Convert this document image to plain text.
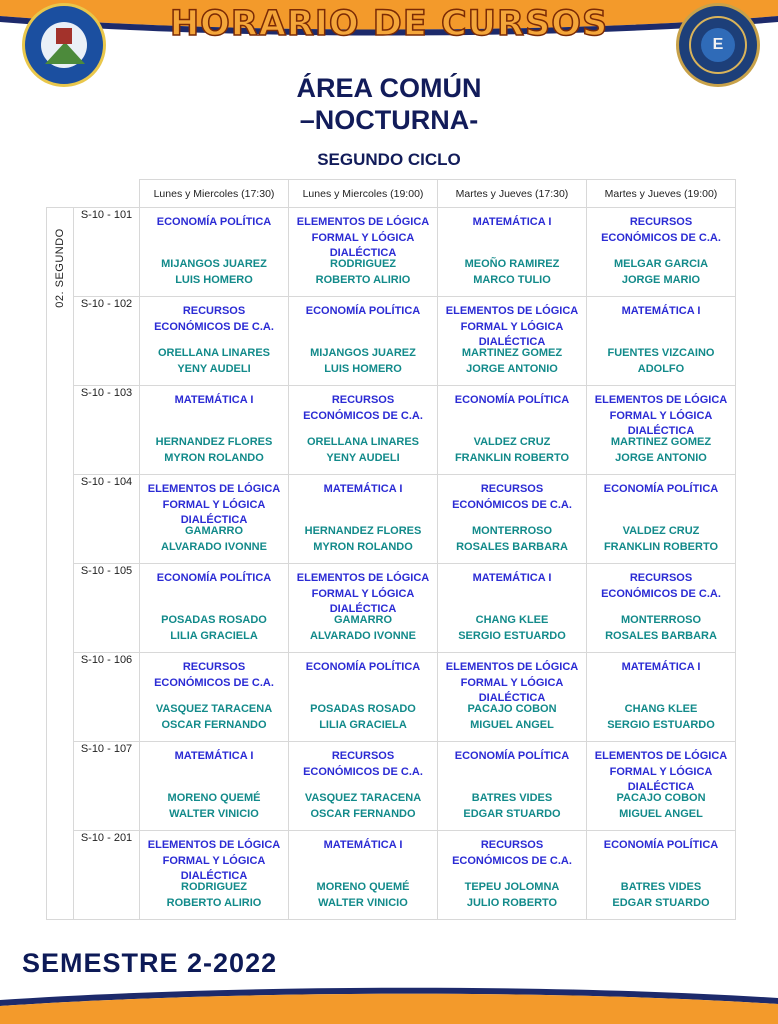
E
HORARIO DE CURSOS
ÁREA COMÚN
–NOCTURNA-
SEGUNDO CICLO
		Lunes y Miercoles (17:30)	Lunes y Miercoles (19:00)	Martes y Jueves (17:30)	Martes y Jueves (19:00)

02. SEGUNDO	S-10 - 101	ECONOMÍA POLÍTICA
MIJANGOS JUAREZ
LUIS HOMERO	ELEMENTOS DE LÓGICA FORMAL Y LÓGICA DIALÉCTICA
RODRIGUEZ
ROBERTO ALIRIO	MATEMÁTICA I
MEOÑO RAMIREZ
MARCO TULIO	RECURSOS ECONÓMICOS DE C.A.
MELGAR GARCIA
JORGE MARIO

	S-10 - 102	RECURSOS ECONÓMICOS DE C.A.
ORELLANA LINARES
YENY AUDELI	ECONOMÍA POLÍTICA
MIJANGOS JUAREZ
LUIS HOMERO	ELEMENTOS DE LÓGICA FORMAL Y LÓGICA DIALÉCTICA
MARTINEZ GOMEZ
JORGE ANTONIO	MATEMÁTICA I
FUENTES VIZCAINO
ADOLFO

	S-10 - 103	MATEMÁTICA I
HERNANDEZ FLORES
MYRON ROLANDO	RECURSOS ECONÓMICOS DE C.A.
ORELLANA LINARES
YENY AUDELI	ECONOMÍA POLÍTICA
VALDEZ CRUZ
FRANKLIN ROBERTO	ELEMENTOS DE LÓGICA FORMAL Y LÓGICA DIALÉCTICA
MARTINEZ GOMEZ
JORGE ANTONIO

	S-10 - 104	ELEMENTOS DE LÓGICA FORMAL Y LÓGICA DIALÉCTICA
GAMARRO
ALVARADO IVONNE	MATEMÁTICA I
HERNANDEZ FLORES
MYRON ROLANDO	RECURSOS ECONÓMICOS DE C.A.
MONTERROSO
ROSALES BARBARA	ECONOMÍA POLÍTICA
VALDEZ CRUZ
FRANKLIN ROBERTO

	S-10 - 105	ECONOMÍA POLÍTICA
POSADAS ROSADO
LILIA GRACIELA	ELEMENTOS DE LÓGICA FORMAL Y LÓGICA DIALÉCTICA
GAMARRO
ALVARADO IVONNE	MATEMÁTICA I
CHANG KLEE
SERGIO ESTUARDO	RECURSOS ECONÓMICOS DE C.A.
MONTERROSO
ROSALES BARBARA

	S-10 - 106	RECURSOS ECONÓMICOS DE C.A.
VASQUEZ TARACENA
OSCAR FERNANDO	ECONOMÍA POLÍTICA
POSADAS ROSADO
LILIA GRACIELA	ELEMENTOS DE LÓGICA FORMAL Y LÓGICA DIALÉCTICA
PACAJO COBON
MIGUEL ANGEL	MATEMÁTICA I
CHANG KLEE
SERGIO ESTUARDO

	S-10 - 107	MATEMÁTICA I
MORENO QUEMÉ
WALTER VINICIO	RECURSOS ECONÓMICOS DE C.A.
VASQUEZ TARACENA
OSCAR FERNANDO	ECONOMÍA POLÍTICA
BATRES VIDES
EDGAR STUARDO	ELEMENTOS DE LÓGICA FORMAL Y LÓGICA DIALÉCTICA
PACAJO COBON
MIGUEL ANGEL

	S-10 - 201	ELEMENTOS DE LÓGICA FORMAL Y LÓGICA DIALÉCTICA
RODRIGUEZ
ROBERTO ALIRIO	MATEMÁTICA I
MORENO QUEMÉ
WALTER VINICIO	RECURSOS ECONÓMICOS DE C.A.
TEPEU JOLOMNA
JULIO ROBERTO	ECONOMÍA POLÍTICA
BATRES VIDES
EDGAR STUARDO
SEMESTRE 2-2022
